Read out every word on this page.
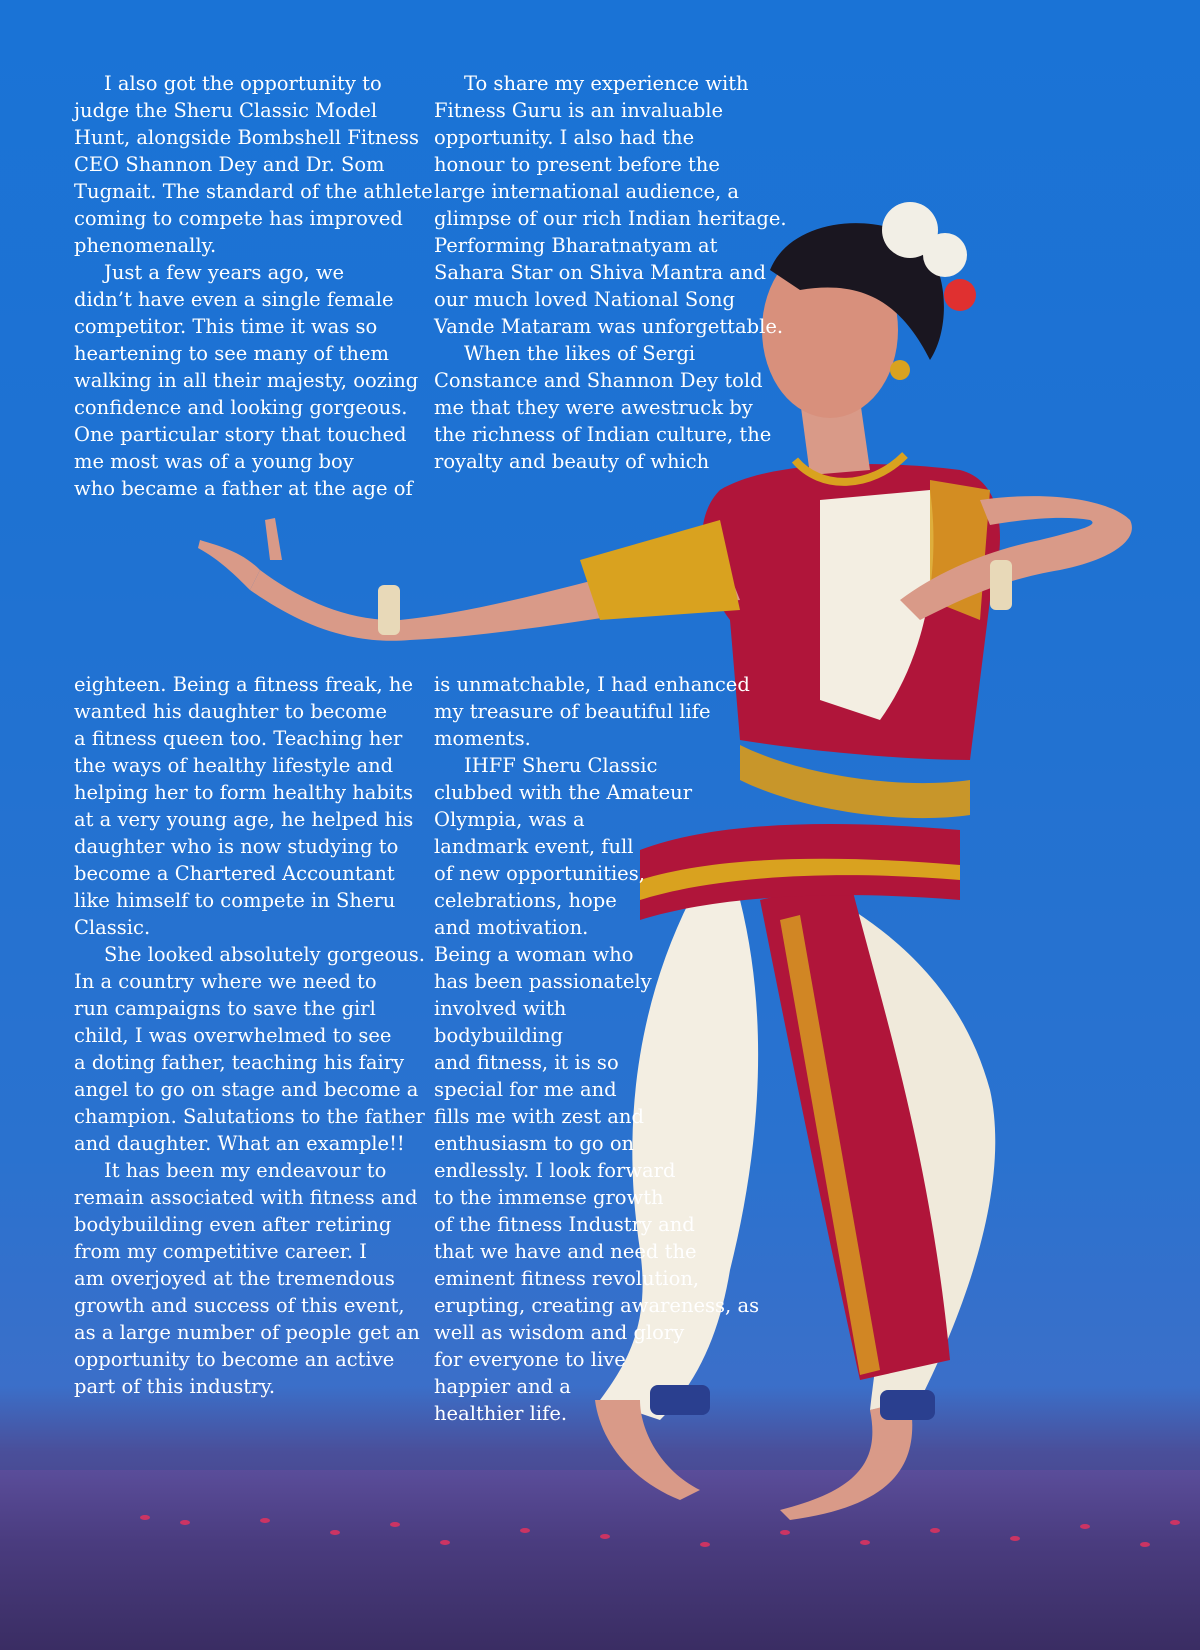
I also got the opportunity to
judge the Sheru Classic Model
Hunt, alongside Bombshell Fitness
CEO Shannon Dey and Dr. Som
Tugnait. The standard of the athlete
coming to compete has improved
phenomenally.

Just a few years ago, we
didn’t have even a single female
competitor. This time it was so
heartening to see many of them
walking in all their majesty, oozing
confidence and looking gorgeous.
One particular story that touched
me most was of a young boy
who became a father at the age of

To share my experience with
Fitness Guru is an invaluable
opportunity. I also had the
honour to present before the
large international audience, a
glimpse of our rich Indian heritage.
Performing Bharatnatyam at
Sahara Star on Shiva Mantra and
our much loved National Song
Vande Mataram was unforgettable.

When the likes of Sergi
Constance and Shannon Dey told
me that they were awestruck by
the richness of Indian culture, the
royalty and beauty of which

eighteen. Being a fitness freak, he
wanted his daughter to become
a fitness queen too. Teaching her
the ways of healthy lifestyle and
helping her to form healthy habits
at a very young age, he helped his
daughter who is now studying to
become a Chartered Accountant
like himself to compete in Sheru
Classic.

She looked absolutely gorgeous.
In a country where we need to
run campaigns to save the girl
child, I was overwhelmed to see
a doting father, teaching his fairy
angel to go on stage and become a
champion. Salutations to the father
and daughter. What an example!!

It has been my endeavour to
remain associated with fitness and
bodybuilding even after retiring
from my competitive career. I
am overjoyed at the tremendous
growth and success of this event,
as a large number of people get an
opportunity to become an active
part of this industry.

is unmatchable, I had enhanced
my treasure of beautiful life
moments.

IHFF Sheru Classic
clubbed with the Amateur
Olympia, was a
landmark event, full
of new opportunities,
celebrations, hope
and motivation.
Being a woman who
has been passionately
involved with
bodybuilding
and fitness, it is so
special for me and
fills me with zest and
enthusiasm to go on
endlessly. I look forward
to the immense growth
of the fitness Industry and
that we have and need the
eminent fitness revolution,
erupting, creating awareness, as
well as wisdom and glory
for everyone to live
happier and a
healthier life.
